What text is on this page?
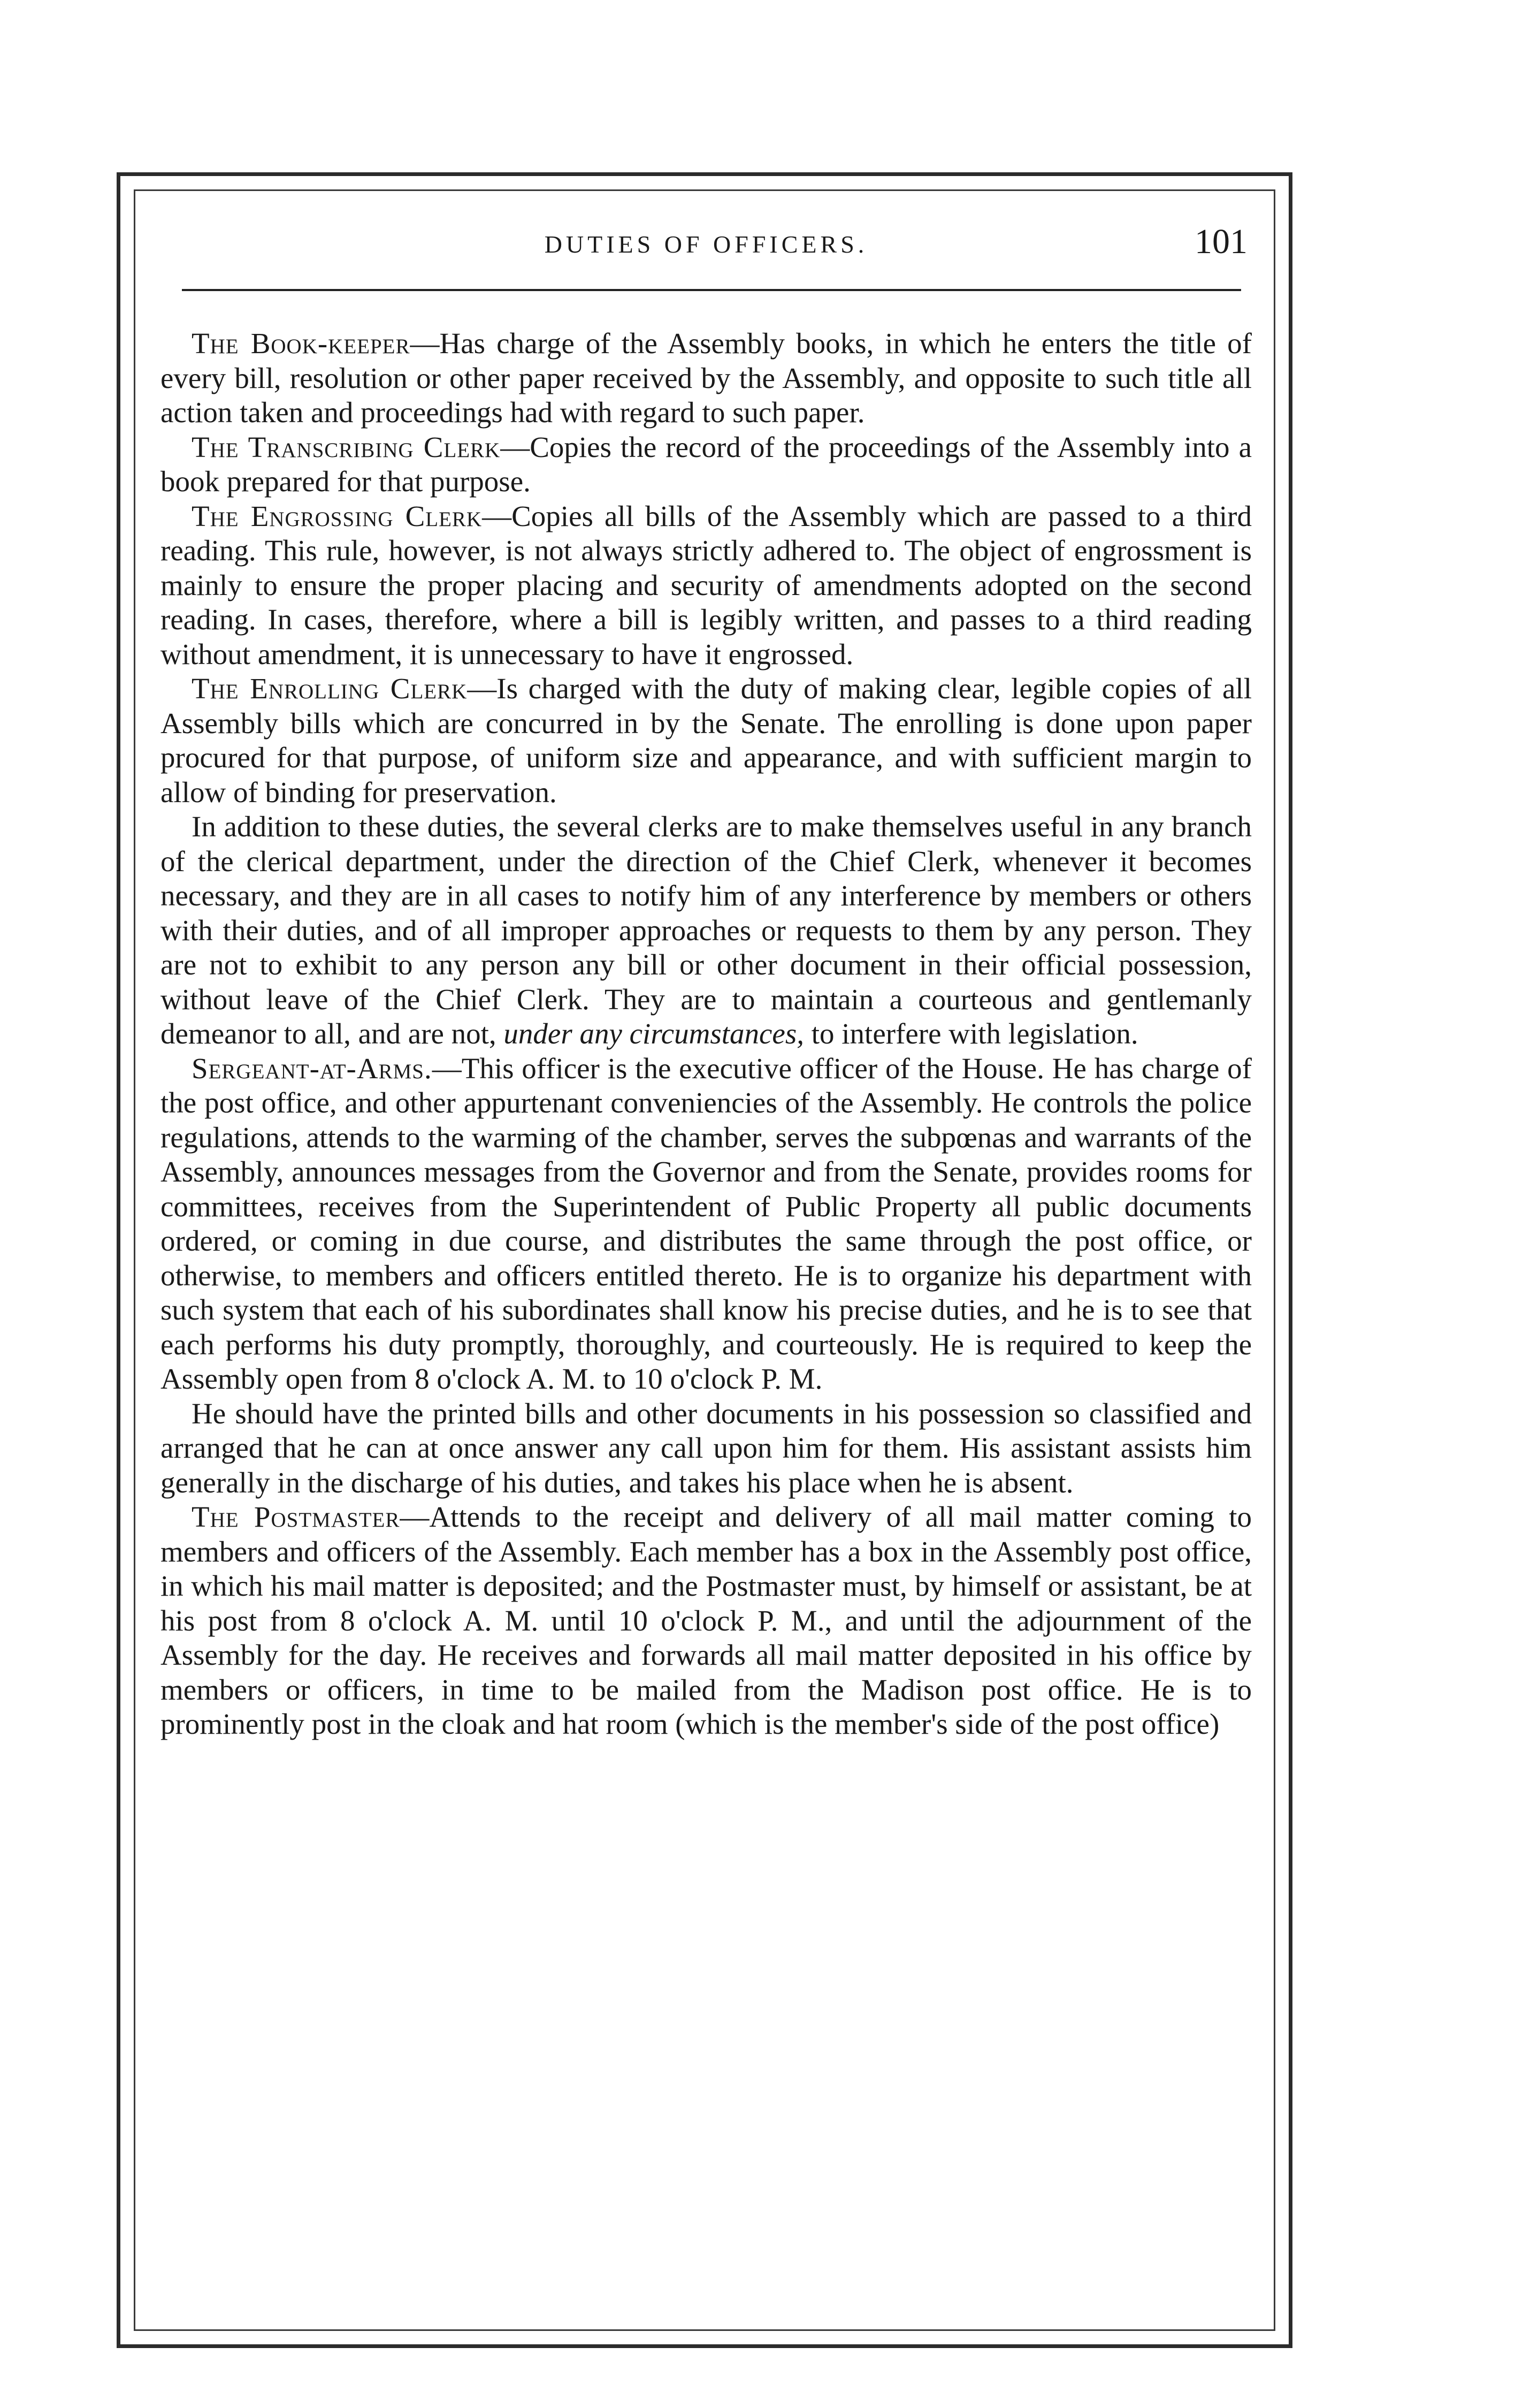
DUTIES OF OFFICERS.	101

The Book-keeper—Has charge of the Assembly books, in which he enters the title of every bill, resolution or other paper received by the Assembly, and opposite to such title all action taken and proceedings had with regard to such paper.

The Transcribing Clerk—Copies the record of the proceedings of the Assembly into a book prepared for that purpose.

The Engrossing Clerk—Copies all bills of the Assembly which are passed to a third reading. This rule, however, is not always strictly adhered to. The object of engrossment is mainly to ensure the proper placing and security of amendments adopted on the second reading. In cases, therefore, where a bill is legibly written, and passes to a third reading without amendment, it is unnecessary to have it engrossed.

The Enrolling Clerk—Is charged with the duty of making clear, legible copies of all Assembly bills which are concurred in by the Senate. The enrolling is done upon paper procured for that purpose, of uniform size and appearance, and with sufficient margin to allow of binding for preservation.

In addition to these duties, the several clerks are to make themselves useful in any branch of the clerical department, under the direction of the Chief Clerk, whenever it becomes necessary, and they are in all cases to notify him of any interference by members or others with their duties, and of all improper approaches or requests to them by any person. They are not to exhibit to any person any bill or other document in their official possession, without leave of the Chief Clerk. They are to maintain a courteous and gentlemanly demeanor to all, and are not, under any circumstances, to interfere with legislation.

Sergeant-at-Arms.—This officer is the executive officer of the House. He has charge of the post office, and other appurtenant conveniencies of the Assembly. He controls the police regulations, attends to the warming of the chamber, serves the subpœnas and warrants of the Assembly, announces messages from the Governor and from the Senate, provides rooms for committees, receives from the Superintendent of Public Property all public documents ordered, or coming in due course, and distributes the same through the post office, or otherwise, to members and officers entitled thereto. He is to organize his department with such system that each of his subordinates shall know his precise duties, and he is to see that each performs his duty promptly, thoroughly, and courteously. He is required to keep the Assembly open from 8 o'clock A. M. to 10 o'clock P. M.

He should have the printed bills and other documents in his possession so classified and arranged that he can at once answer any call upon him for them. His assistant assists him generally in the discharge of his duties, and takes his place when he is absent.

The Postmaster—Attends to the receipt and delivery of all mail matter coming to members and officers of the Assembly. Each member has a box in the Assembly post office, in which his mail matter is deposited; and the Postmaster must, by himself or assistant, be at his post from 8 o'clock A. M. until 10 o'clock P. M., and until the adjournment of the Assembly for the day. He receives and forwards all mail matter deposited in his office by members or officers, in time to be mailed from the Madison post office. He is to prominently post in the cloak and hat room (which is the member's side of the post office)
